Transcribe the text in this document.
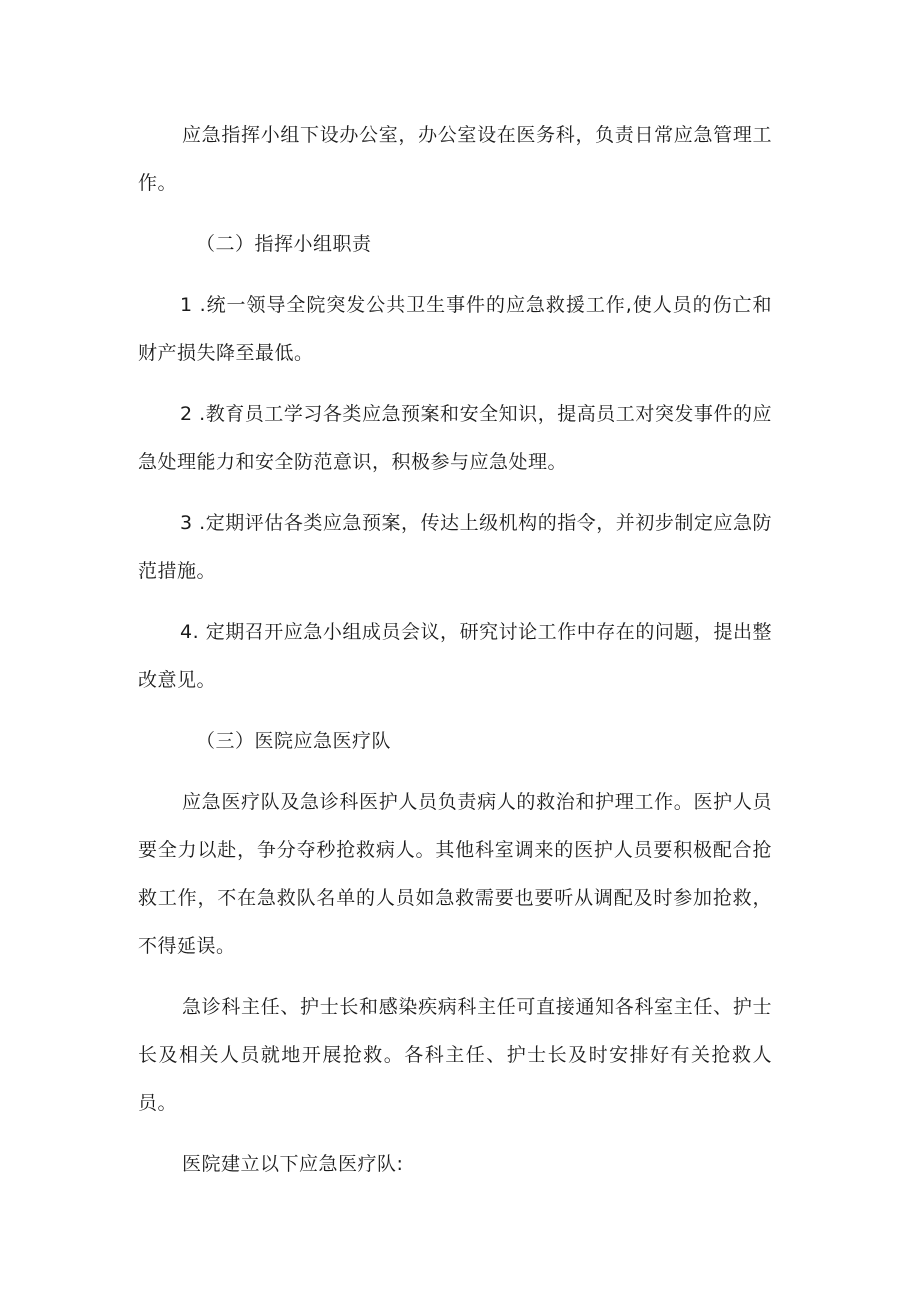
应急指挥小组下设办公室，办公室设在医务科，负责日常应急管理工作。

（二）指挥小组职责

1 .统一领导全院突发公共卫生事件的应急救援工作,使人员的伤亡和财产损失降至最低。

2 .教育员工学习各类应急预案和安全知识，提高员工对突发事件的应急处理能力和安全防范意识，积极参与应急处理。

3 .定期评估各类应急预案，传达上级机构的指令，并初步制定应急防范措施。

4. 定期召开应急小组成员会议，研究讨论工作中存在的问题，提出整改意见。

（三）医院应急医疗队

应急医疗队及急诊科医护人员负责病人的救治和护理工作。医护人员要全力以赴，争分夺秒抢救病人。其他科室调来的医护人员要积极配合抢救工作，不在急救队名单的人员如急救需要也要听从调配及时参加抢救，不得延误。

急诊科主任、护士长和感染疾病科主任可直接通知各科室主任、护士长及相关人员就地开展抢救。各科主任、护士长及时安排好有关抢救人员。

医院建立以下应急医疗队:
